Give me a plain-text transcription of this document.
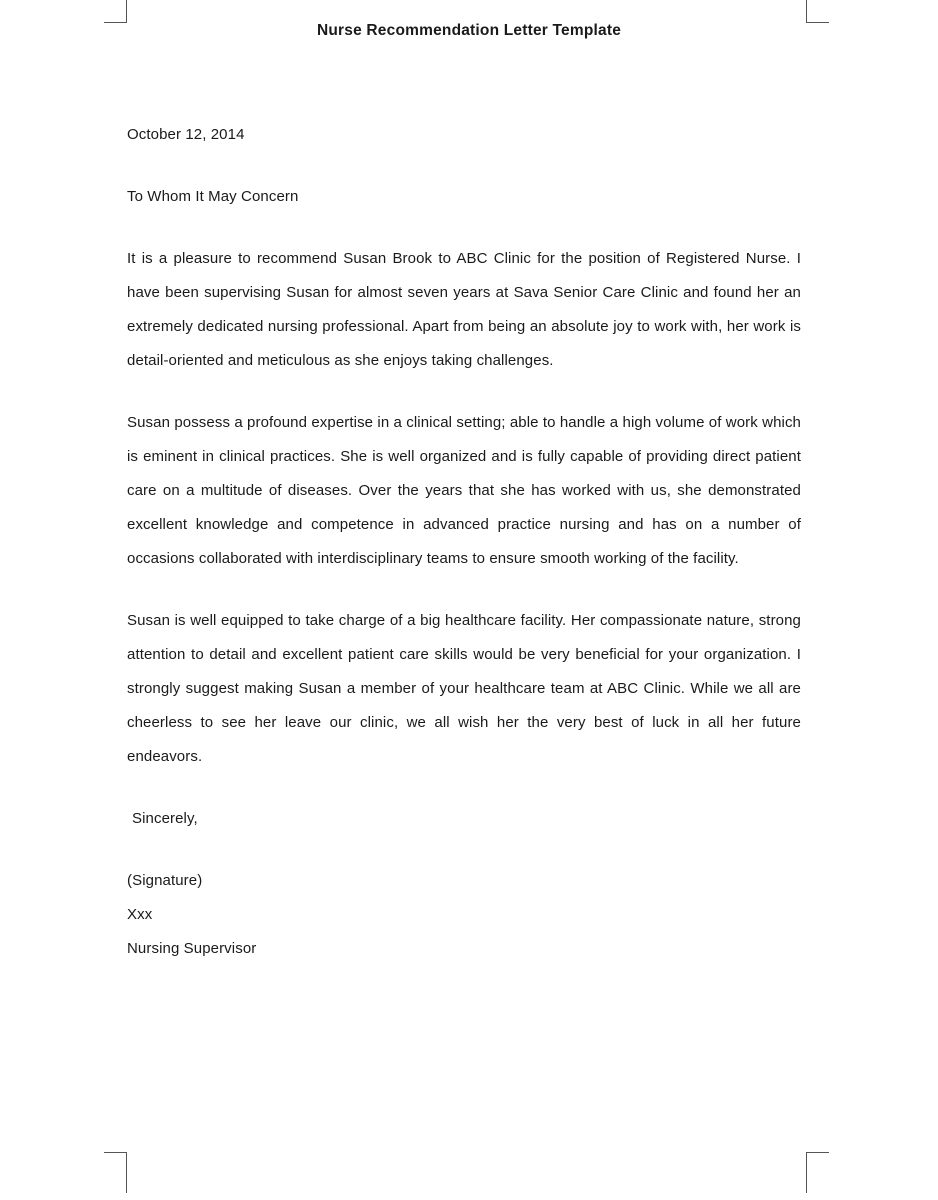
Nurse Recommendation Letter Template

October 12, 2014

To Whom It May Concern

It is a pleasure to recommend Susan Brook to ABC Clinic for the position of Registered Nurse. I have been supervising Susan for almost seven years at Sava Senior Care Clinic and found her an extremely dedicated nursing professional. Apart from being an absolute joy to work with, her work is detail-oriented and meticulous as she enjoys taking challenges.

Susan possess a profound expertise in a clinical setting; able to handle a high volume of work which is eminent in clinical practices. She is well organized and is fully capable of providing direct patient care on a multitude of diseases. Over the years that she has worked with us, she demonstrated excellent knowledge and competence in advanced practice nursing and has on a number of occasions collaborated with interdisciplinary teams to ensure smooth working of the facility.

Susan is well equipped to take charge of a big healthcare facility. Her compassionate nature, strong attention to detail and excellent patient care skills would be very beneficial for your organization. I strongly suggest making Susan a member of your healthcare team at ABC Clinic. While we all are cheerless to see her leave our clinic, we all wish her the very best of luck in all her future endeavors.

Sincerely,

(Signature)

Xxx

Nursing Supervisor
